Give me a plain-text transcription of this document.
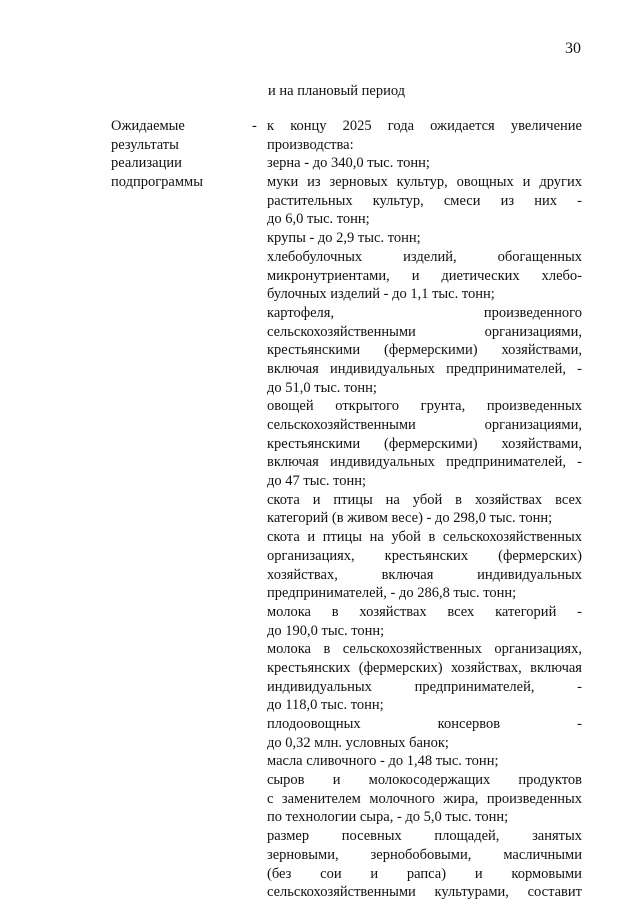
30
и на плановый период
Ожидаемые
результаты
реализации
подпрограммы
- к концу 2025 года ожидается увеличение
производства:
зерна - до 340,0 тыс. тонн;
муки из зерновых культур, овощных и других
растительных культур, смеси из них -
до 6,0 тыс. тонн;
крупы - до 2,9 тыс. тонн;
хлебобулочных	изделий,	обогащенных
микронутриентами, и диетических хлебо-
булочных изделий - до 1,1 тыс. тонн;
картофеля,	произведенного
сельскохозяйственными	организациями,
крестьянскими (фермерскими) хозяйствами,
включая индивидуальных предпринимателей, -
до 51,0 тыс. тонн;
овощей открытого грунта, произведенных
сельскохозяйственными	организациями,
крестьянскими (фермерскими) хозяйствами,
включая индивидуальных предпринимателей, -
до 47 тыс. тонн;
скота и птицы на убой в хозяйствах всех
категорий (в живом весе) - до 298,0 тыс. тонн;
скота и птицы на убой в сельскохозяйственных
организациях, крестьянских (фермерских)
хозяйствах,	включая	индивидуальных
предпринимателей, - до 286,8 тыс. тонн;
молока в хозяйствах всех категорий -
до 190,0 тыс. тонн;
молока в сельскохозяйственных организациях,
крестьянских (фермерских) хозяйствах, включая
индивидуальных	предпринимателей,	-
до 118,0 тыс. тонн;
плодоовощных	консервов	-
до 0,32 млн. условных банок;
масла сливочного - до 1,48 тыс. тонн;
сыров и молокосодержащих продуктов
с заменителем молочного жира, произведенных
по технологии сыра, - до 5,0 тыс. тонн;
размер посевных площадей, занятых
зерновыми, зернобобовыми, масличными
(без сои и рапса) и кормовыми
сельскохозяйственными культурами, составит
